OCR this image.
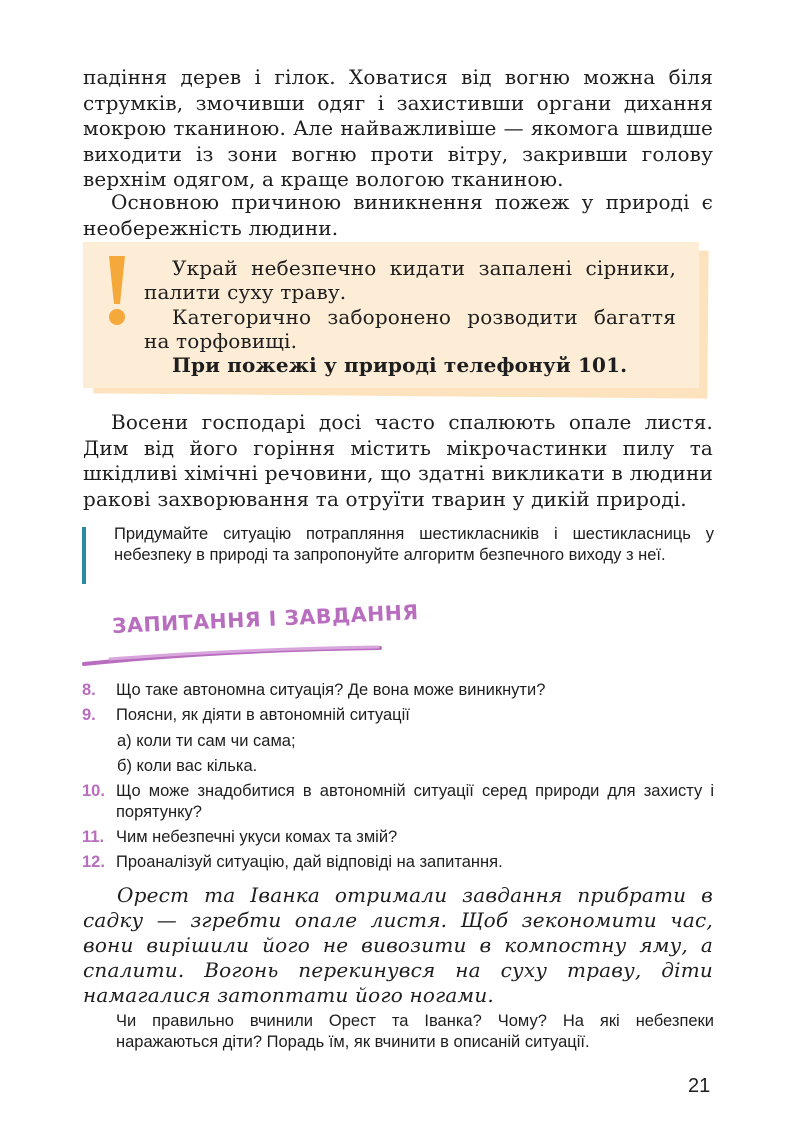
падіння дерев і гілок. Ховатися від вогню можна біля струмків, змочивши одяг і захистивши органи дихання мокрою тканиною. Але найважливіше — якомога швидше виходити із зони вогню проти вітру, закривши голову верхнім одягом, а краще вологою тканиною.
Основною причиною виникнення пожеж у природі є необережність людини.
Украй небезпечно кидати запалені сірники, палити суху траву.
Категорично заборонено розводити багаття на торфовищі.
При пожежі у природі телефонуй 101.
Восени господарі досі часто спалюють опале листя. Дим від його горіння містить мікрочастинки пилу та шкідливі хімічні речовини, що здатні викликати в людини ракові захворювання та отруїти тварин у дикій природі.
Придумайте ситуацію потрапляння шестикласників і шестикласниць у небезпеку в природі та запропонуйте алгоритм безпечного виходу з неї.
ЗАПИТАННЯ І ЗАВДАННЯ
8. Що таке автономна ситуація? Де вона може виникнути?
9. Поясни, як діяти в автономній ситуації
а) коли ти сам чи сама;
б) коли вас кілька.
10. Що може знадобитися в автономній ситуації серед природи для захисту і порятунку?
11. Чим небезпечні укуси комах та змій?
12. Проаналізуй ситуацію, дай відповіді на запитання.
Орест та Іванка отримали завдання прибрати в садку — згребти опале листя. Щоб зекономити час, вони вирішили його не вивозити в компостну яму, а спалити. Вогонь перекинувся на суху траву, діти намагалися затоптати його ногами.
Чи правильно вчинили Орест та Іванка? Чому? На які небезпеки наражаються діти? Порадь їм, як вчинити в описаній ситуації.
21
